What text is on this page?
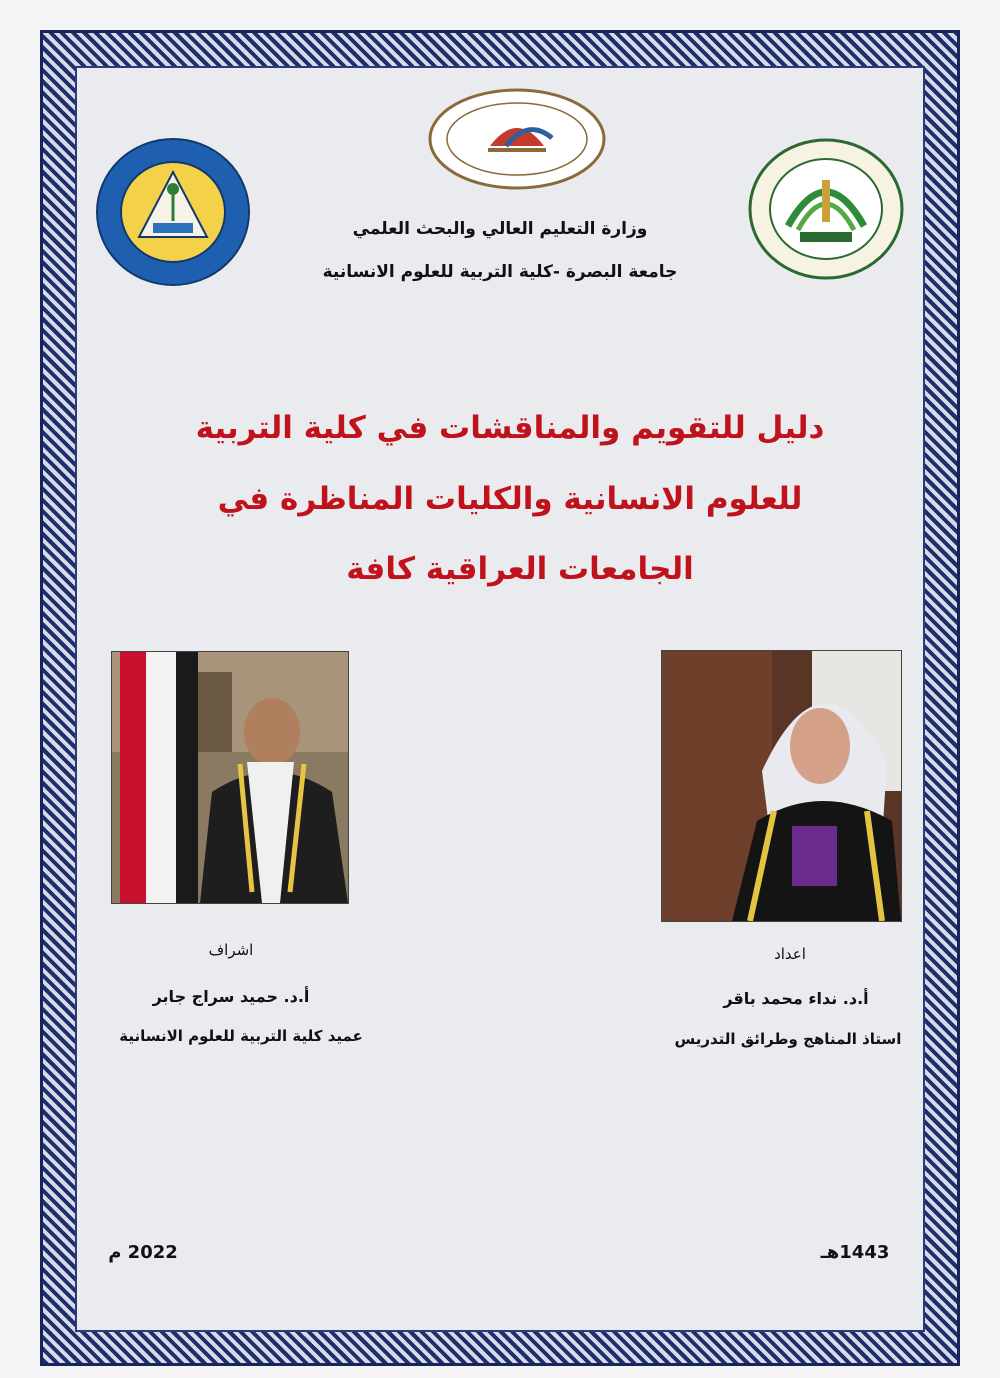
وزارة التعليم العالي والبحث العلمي
جامعة البصرة -كلية التربية للعلوم الانسانية
دليل للتقويم والمناقشات في كلية التربية
للعلوم الانسانية والكليات المناظرة في
الجامعات العراقية كافة
اشراف
أ.د. حميد سراج جابر
عميد كلية التربية للعلوم الانسانية
اعداد
أ.د. نداء محمد باقر
استاذ المناهج وطرائق التدريس
2022 م	1443هـ
